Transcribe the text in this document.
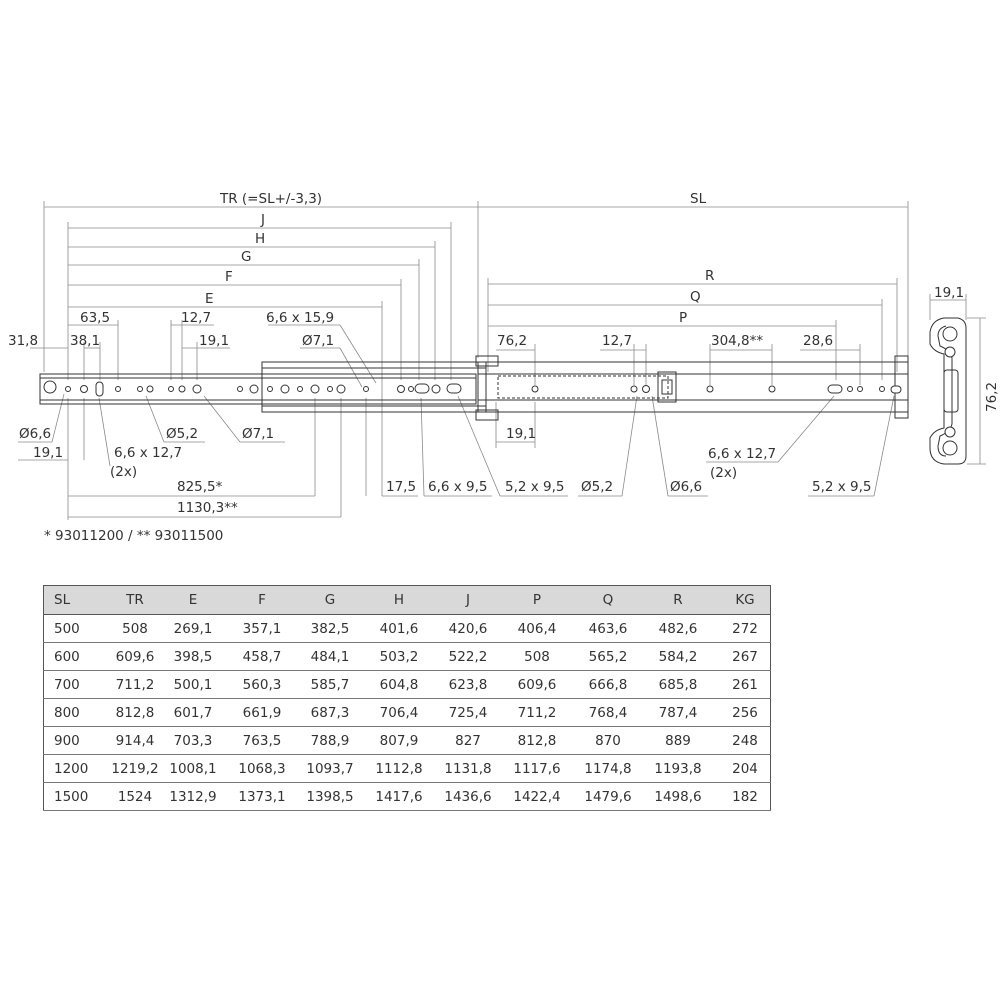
TR (=SL+/-3,3)	SL
J
H
G
F
E
R
Q
P
31,8
63,5
38,1
12,7
19,1
6,6 x 15,9
Ø7,1	76,2	12,7	304,8**	28,6
Ø6,6
19,1	6,6 x 12,7
(2x)
Ø5,2	Ø7,1
825,5*
1130,3**
17,5 6,6 x 9,5 5,2 x 9,5 Ø5,2	Ø6,6
19,1
6,6 x 12,7
(2x)
5,2 x 9,5
19,1
76,2
* 93011200 / ** 93011500
SL	TR	E	F	G	H	J	P	Q	R	KG
500	508	269,1	357,1	382,5	401,6	420,6	406,4	463,6	482,6	272
600	609,6	398,5	458,7	484,1	503,2	522,2	508	565,2	584,2	267
700	711,2	500,1	560,3	585,7	604,8	623,8	609,6	666,8	685,8	261
800	812,8	601,7	661,9	687,3	706,4	725,4	711,2	768,4	787,4	256
900	914,4	703,3	763,5	788,9	807,9	827	812,8	870	889	248
1200	1219,2	1008,1	1068,3	1093,7	1112,8	1131,8	1117,6	1174,8	1193,8	204
1500	1524	1312,9	1373,1	1398,5	1417,6	1436,6	1422,4	1479,6	1498,6	182
